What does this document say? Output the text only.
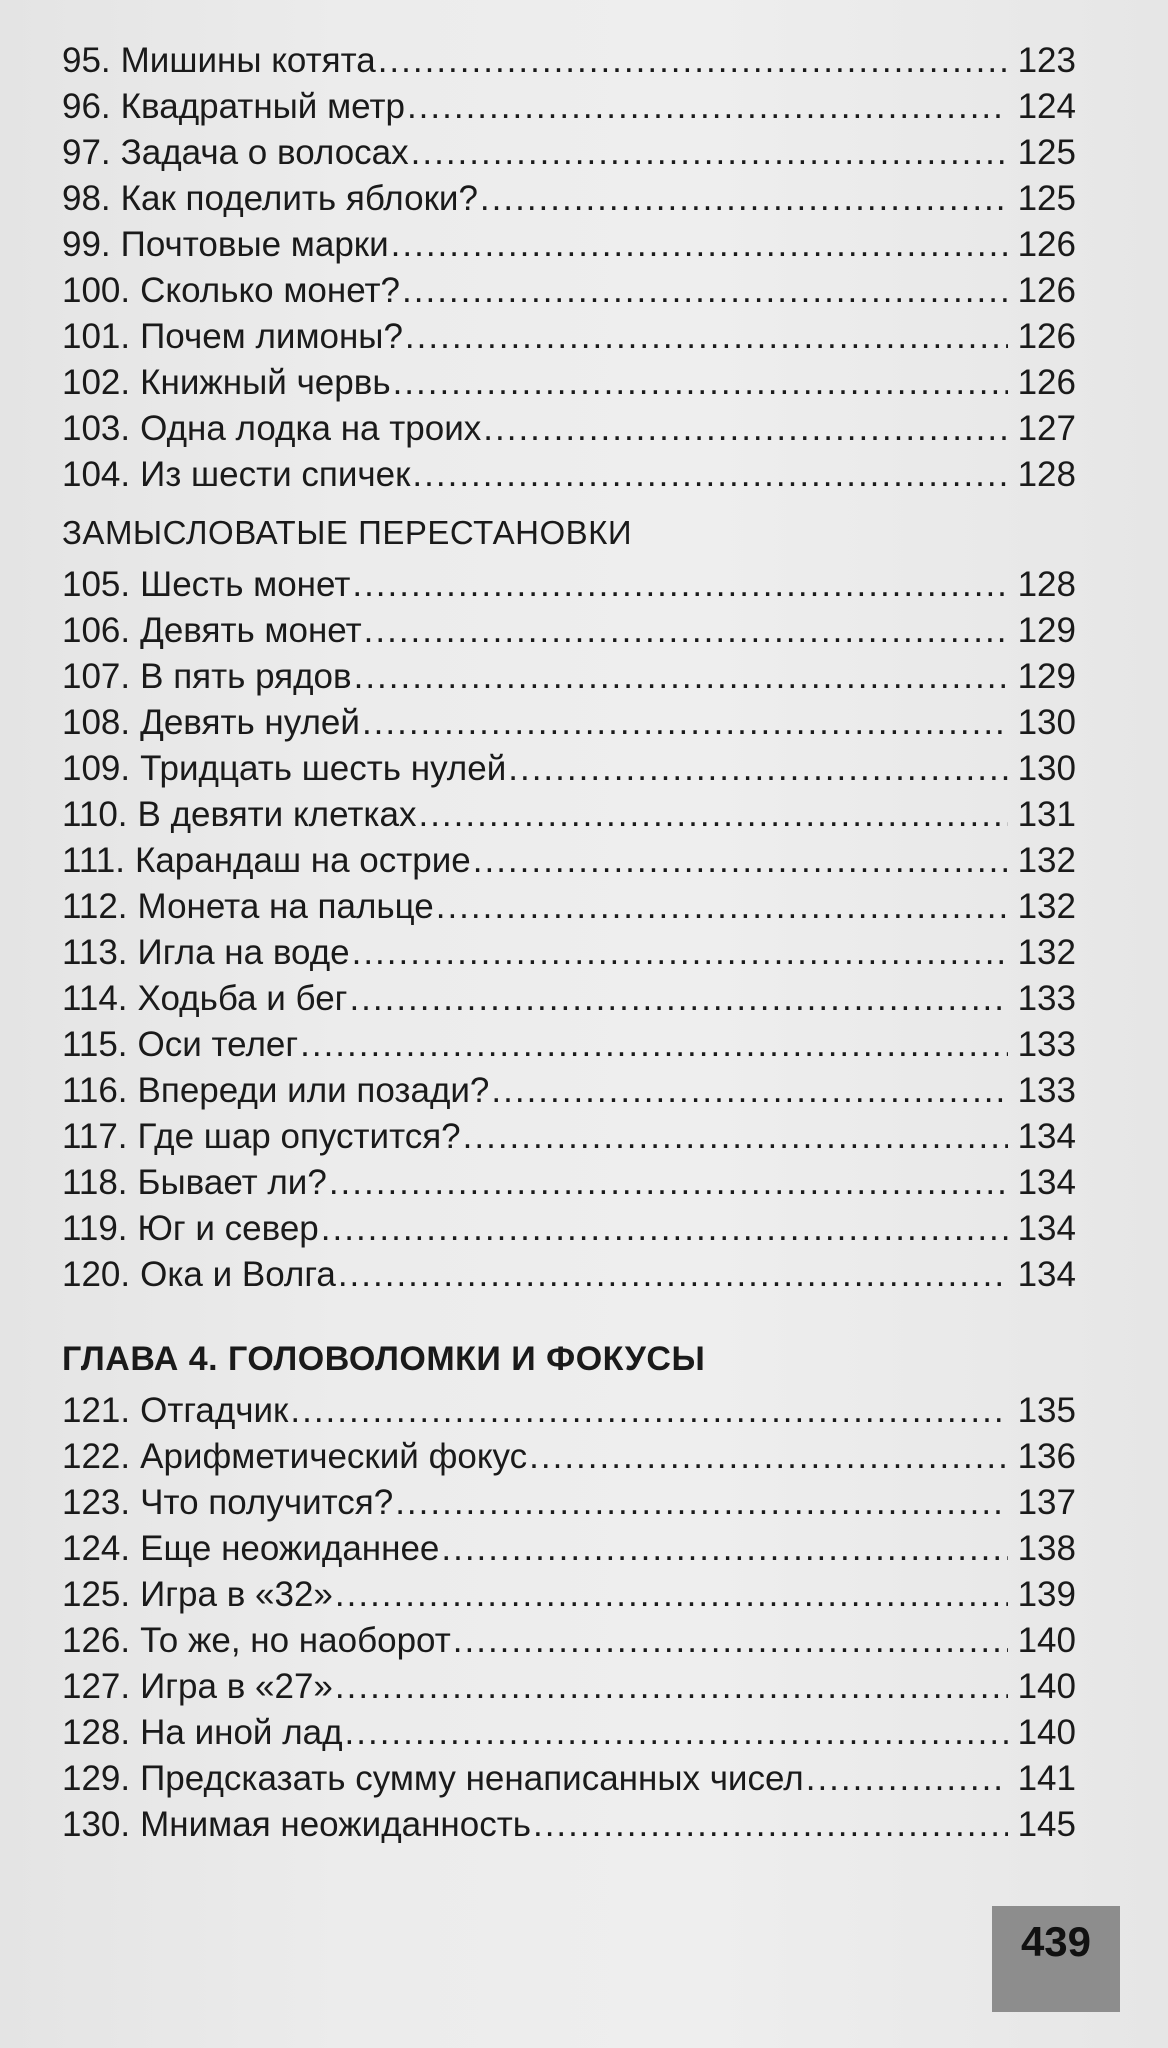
95. Мишины котята .....	123
96. Квадратный метр .....	124
97. Задача о волосах .....	125
98. Как поделить яблоки? .....	125
99. Почтовые марки .....	126
100. Сколько монет? .....	126
101. Почем лимоны? .....	126
102. Книжный червь .....	126
103. Одна лодка на троих .....	127
104. Из шести спичек .....	128
ЗАМЫСЛОВАТЫЕ ПЕРЕСТАНОВКИ
105. Шесть монет .....	128
106. Девять монет .....	129
107. В пять рядов .....	129
108. Девять нулей .....	130
109. Тридцать шесть нулей .....	130
110. В девяти клетках .....	131
111. Карандаш на острие .....	132
112. Монета на пальце .....	132
113. Игла на воде .....	132
114. Ходьба и бег .....	133
115. Оси телег .....	133
116. Впереди или позади? .....	133
117. Где шар опустится? .....	134
118. Бывает ли? .....	134
119. Юг и север .....	134
120. Ока и Волга .....	134
ГЛАВА 4. ГОЛОВОЛОМКИ И ФОКУСЫ
121. Отгадчик .....	135
122. Арифметический фокус .....	136
123. Что получится? .....	137
124. Еще неожиданнее .....	138
125. Игра в «32» .....	139
126. То же, но наоборот .....	140
127. Игра в «27» .....	140
128. На иной лад .....	140
129. Предсказать сумму ненаписанных чисел .....	141
130. Мнимая неожиданность .....	145
439
